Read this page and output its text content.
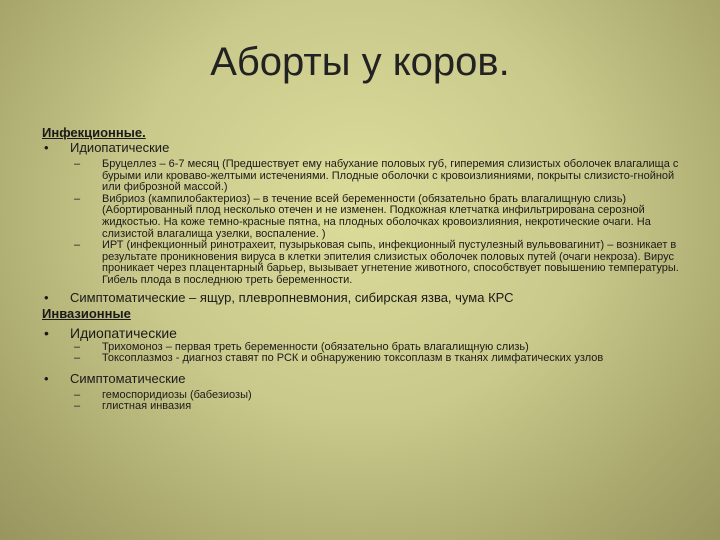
Аборты у коров.
Инфекционные.
• Идиопатические
– Бруцеллез – 6-7 месяц (Предшествует ему набухание половых губ, гиперемия слизистых оболочек влагалища с бурыми или кроваво-желтыми истечениями. Плодные оболочки с кровоизлияниями, покрыты слизисто-гнойной или фиброзной массой.)
– Вибриоз (кампилобактериоз) – в течение всей беременности (обязательно брать влагалищную слизь) (Абортированный плод несколько отечен и не изменен. Подкожная клетчатка инфильтрирована серозной жидкостью. На коже темно-красные пятна, на плодных оболочках кровоизлияния, некротические очаги. На слизистой влагалища узелки, воспаление. )
– ИРТ (инфекционный ринотрахеит, пузырьковая сыпь, инфекционный пустулезный вульвовагинит) – возникает в результате проникновения вируса в клетки эпителия слизистых оболочек половых путей (очаги некроза). Вирус проникает через плацентарный барьер, вызывает угнетение животного, способствует повышению температуры. Гибель плода в последнюю треть беременности.
• Симптоматические – ящур, плевропневмония, сибирская язва, чума КРС
Инвазионные
• Идиопатические
– Трихомоноз – первая треть беременности (обязательно брать влагалищную слизь)
– Токсоплазмоз - диагноз ставят по РСК и обнаружению токсоплазм в тканях лимфатических узлов
• Симптоматические
– гемоспоридиозы (бабезиозы)
– глистная инвазия
